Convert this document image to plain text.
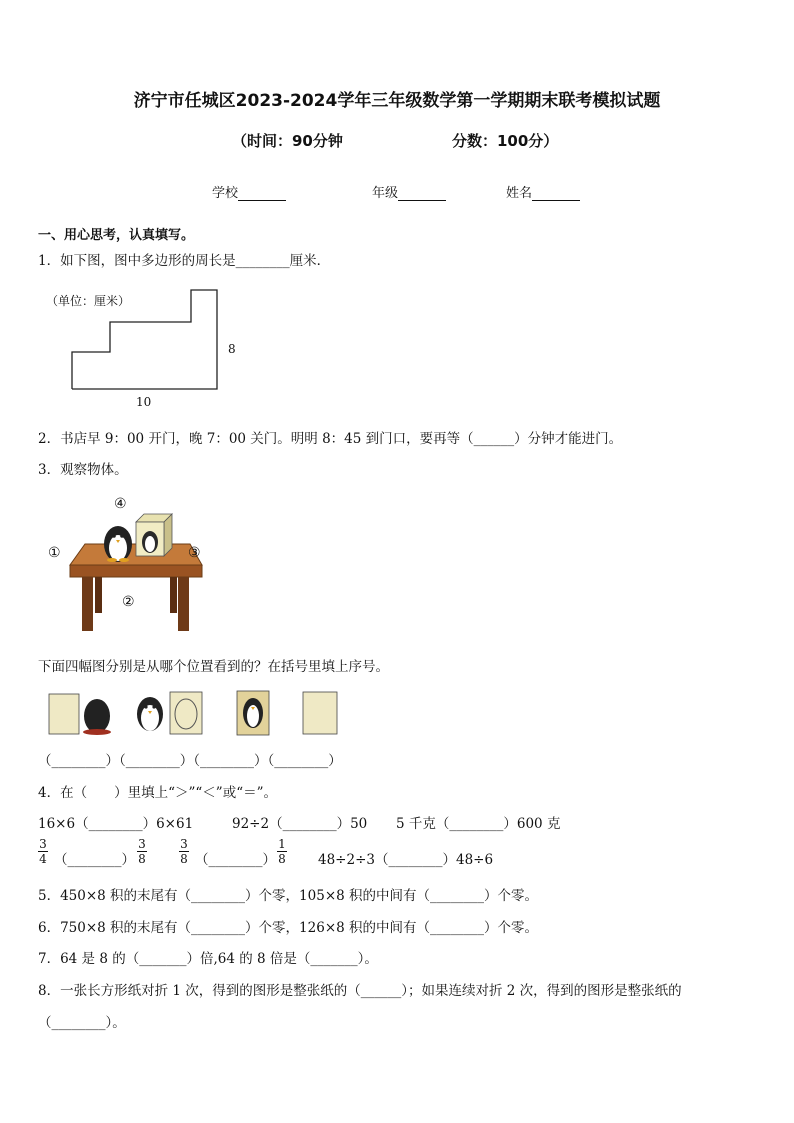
济宁市任城区2023-2024学年三年级数学第一学期期末联考模拟试题
（时间：90分钟	分数：100分）
学校	年级	姓名
一、用心思考，认真填写。
1．如下图，图中多边形的周长是________厘米．
（单位：厘米）
8
10
2．书店早 9：00 开门，晚 7：00 关门。明明 8：45 到门口，要再等（______）分钟才能进门。
3．观察物体。
④
①
②
③
下面四幅图分别是从哪个位置看到的？在括号里填上序号。
（________）（________）（________）（________）
4．在（　　）里填上“＞”“＜”或“＝”。
16×6（________）6×61	92÷2（________）50 5 千克（________）600 克
$\frac{3}{4}$ （________） $\frac{3}{8}$	$\frac{3}{8}$ （________） $\frac{1}{8}$ 48÷2÷3（________）48÷6
5．450×8 积的末尾有（________）个零，105×8 积的中间有（________）个零。
6．750×8 积的末尾有（________）个零，126×8 积的中间有（________）个零。
7．64 是 8 的（_______）倍,64 的 8 倍是（_______）。
8．一张长方形纸对折 1 次，得到的图形是整张纸的（______）；如果连续对折 2 次，得到的图形是整张纸的
（________）。
